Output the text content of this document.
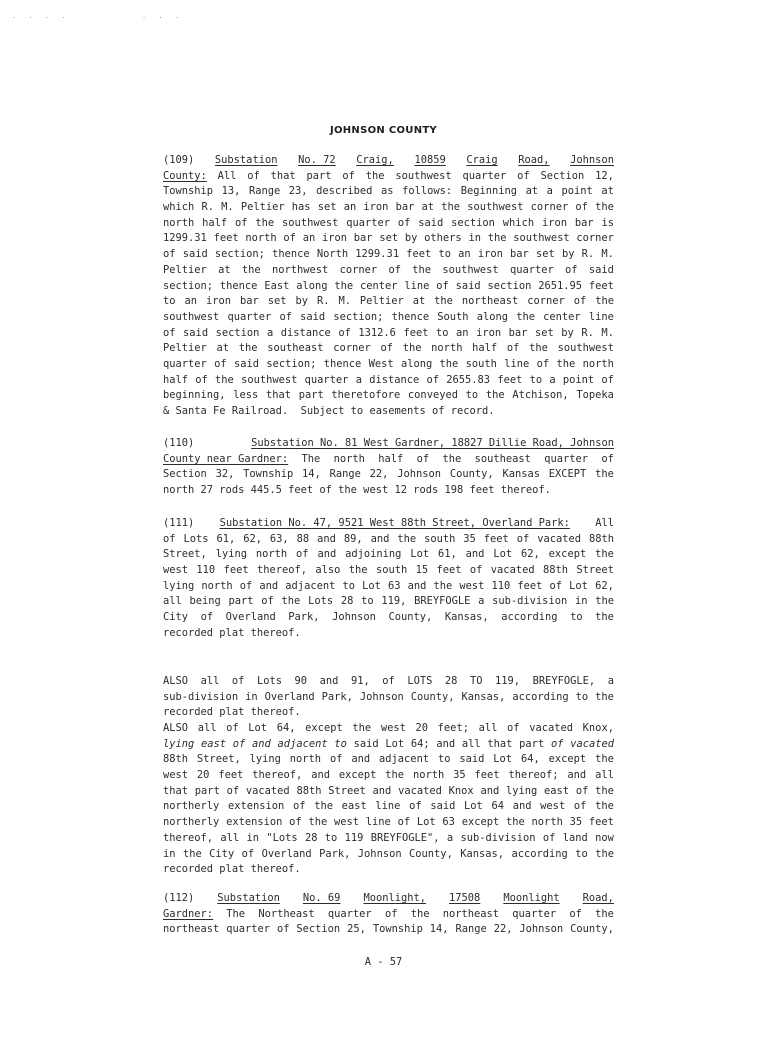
· · · ·	· · ·
JOHNSON COUNTY
(109) Substation No. 72 Craig, 10859 Craig Road, Johnson
County: All of that part of the southwest quarter of Section 12,
Township 13, Range 23, described as follows: Beginning at a point at
which R. M. Peltier has set an iron bar at the southwest corner of the
north half of the southwest quarter of said section which iron bar is
1299.31 feet north of an iron bar set by others in the southwest corner
of said section; thence North 1299.31 feet to an iron bar set by R. M.
Peltier at the northwest corner of the southwest quarter of said
section; thence East along the center line of said section 2651.95 feet
to an iron bar set by R. M. Peltier at the northeast corner of the
southwest quarter of said section; thence South along the center line
of said section a distance of 1312.6 feet to an iron bar set by R. M.
Peltier at the southeast corner of the north half of the southwest
quarter of said section; thence West along the south line of the north
half of the southwest quarter a distance of 2655.83 feet to a point of
beginning, less that part theretofore conveyed to the Atchison, Topeka
& Santa Fe Railroad.  Subject to easements of record.
(110)	Substation No. 81 West Gardner, 18827 Dillie Road, Johnson
County near Gardner: The north half of the southeast quarter of
Section 32, Township 14, Range 22, Johnson County, Kansas EXCEPT the
north 27 rods 445.5 feet of the west 12 rods 198 feet thereof.
(111) Substation No. 47, 9521 West 88th Street, Overland Park: All
of Lots 61, 62, 63, 88 and 89, and the south 35 feet of vacated 88th
Street, lying north of and adjoining Lot 61, and Lot 62, except the
west 110 feet thereof, also the south 15 feet of vacated 88th Street
lying north of and adjacent to Lot 63 and the west 110 feet of Lot 62,
all being part of the Lots 28 to 119, BREYFOGLE a sub-division in the
City of Overland Park, Johnson County, Kansas, according to the
recorded plat thereof.
ALSO all of Lots 90 and 91, of LOTS 28 TO 119, BREYFOGLE, a
sub-division in Overland Park, Johnson County, Kansas, according to the
recorded plat thereof.
ALSO all of Lot 64, except the west 20 feet; all of vacated Knox,
lying east of and adjacent to said Lot 64; and all that part of vacated
88th Street, lying north of and adjacent to said Lot 64, except the
west 20 feet thereof, and except the north 35 feet thereof; and all
that part of vacated 88th Street and vacated Knox and lying east of the
northerly extension of the east line of said Lot 64 and west of the
northerly extension of the west line of Lot 63 except the north 35 feet
thereof, all in "Lots 28 to 119 BREYFOGLE", a sub-division of land now
in the City of Overland Park, Johnson County, Kansas, according to the
recorded plat thereof.
(112) Substation No. 69 Moonlight, 17508 Moonlight Road,
Gardner: The Northeast quarter of the northeast quarter of the
northeast quarter of Section 25, Township 14, Range 22, Johnson County,
A - 57
